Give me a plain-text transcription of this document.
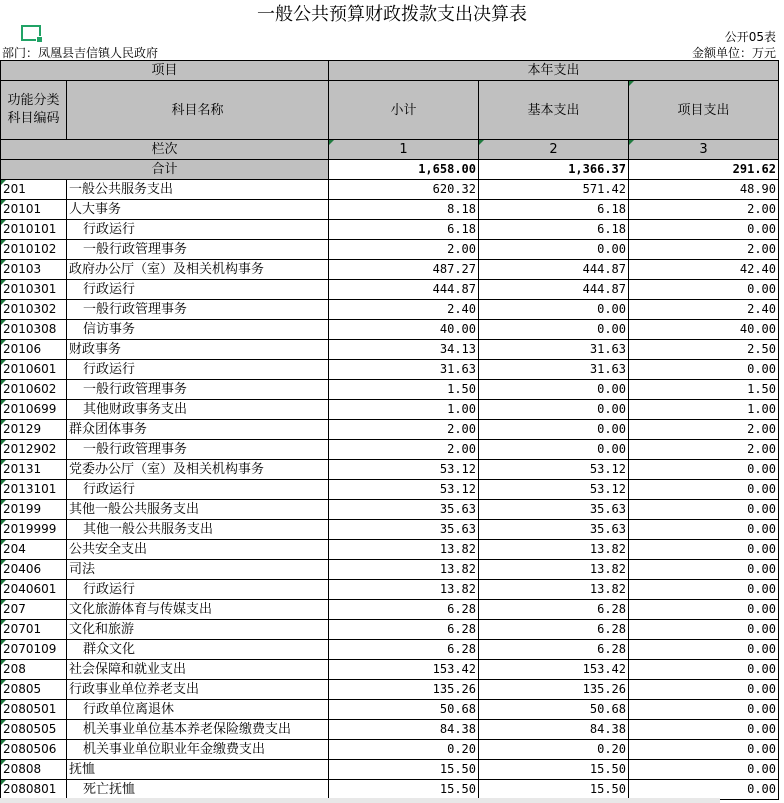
一般公共预算财政拨款支出决算表
公开05表
部门：凤凰县吉信镇人民政府	金额单位：万元
项目		本年支出		
功能分类科目编码	科目名称	小计	基本支出	项目支出
栏次		1	2	3
合计		1,658.00	1,366.37	291.62
201	一般公共服务支出	620.32	571.42	48.90
20101	人大事务	8.18	6.18	2.00
2010101	行政运行	6.18	6.18	0.00
2010102	一般行政管理事务	2.00	0.00	2.00
20103	政府办公厅（室）及相关机构事务	487.27	444.87	42.40
2010301	行政运行	444.87	444.87	0.00
2010302	一般行政管理事务	2.40	0.00	2.40
2010308	信访事务	40.00	0.00	40.00
20106	财政事务	34.13	31.63	2.50
2010601	行政运行	31.63	31.63	0.00
2010602	一般行政管理事务	1.50	0.00	1.50
2010699	其他财政事务支出	1.00	0.00	1.00
20129	群众团体事务	2.00	0.00	2.00
2012902	一般行政管理事务	2.00	0.00	2.00
20131	党委办公厅（室）及相关机构事务	53.12	53.12	0.00
2013101	行政运行	53.12	53.12	0.00
20199	其他一般公共服务支出	35.63	35.63	0.00
2019999	其他一般公共服务支出	35.63	35.63	0.00
204	公共安全支出	13.82	13.82	0.00
20406	司法	13.82	13.82	0.00
2040601	行政运行	13.82	13.82	0.00
207	文化旅游体育与传媒支出	6.28	6.28	0.00
20701	文化和旅游	6.28	6.28	0.00
2070109	群众文化	6.28	6.28	0.00
208	社会保障和就业支出	153.42	153.42	0.00
20805	行政事业单位养老支出	135.26	135.26	0.00
2080501	行政单位离退休	50.68	50.68	0.00
2080505	机关事业单位基本养老保险缴费支出	84.38	84.38	0.00
2080506	机关事业单位职业年金缴费支出	0.20	0.20	0.00
20808	抚恤	15.50	15.50	0.00
2080801	死亡抚恤	15.50	15.50	0.00
